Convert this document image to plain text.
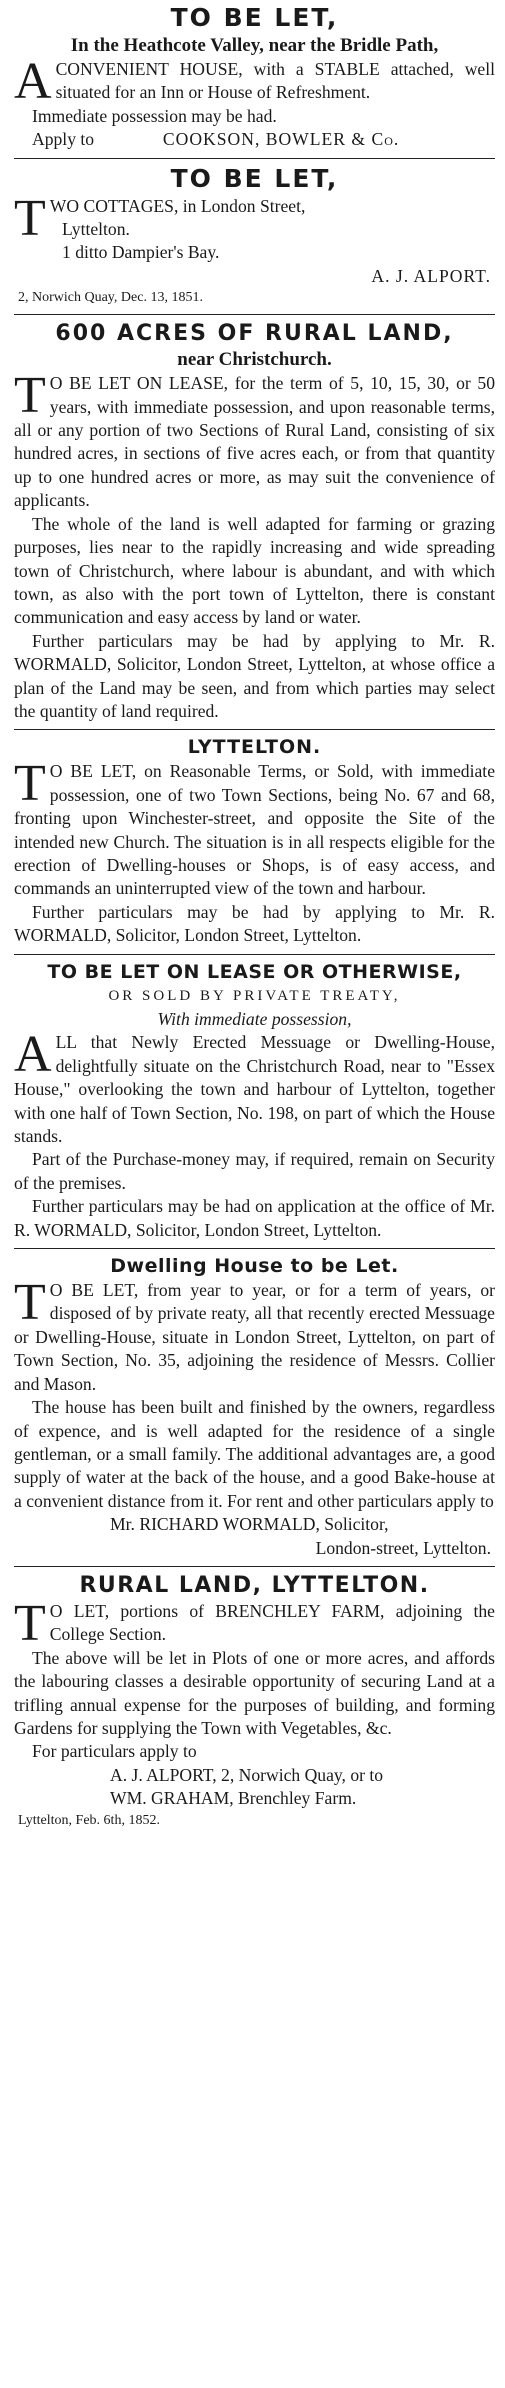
TO BE LET,
In the Heathcote Valley, near the Bridle Path,
ACONVENIENT HOUSE, with a STABLE attached, well situated for an Inn or House of Refreshment.
Immediate possession may be had.
Apply to	COOKSON, BOWLER & Co.
TO BE LET,
TWO COTTAGES, in London Street,
Lyttelton.
1 ditto Dampier's Bay.
A. J. ALPORT.
2, Norwich Quay, Dec. 13, 1851.
600 ACRES OF RURAL LAND,
near Christchurch.
T O BE LET ON LEASE, for the term of 5, 10, 15, 30, or 50 years, with immediate possession, and upon reasonable terms, all or any portion of two Sections of Rural Land, consisting of six hundred acres, in sections of five acres each, or from that quantity up to one hundred acres or more, as may suit the convenience of applicants.
The whole of the land is well adapted for farming or grazing purposes, lies near to the rapidly increasing and wide spreading town of Christchurch, where labour is abundant, and with which town, as also with the port town of Lyttelton, there is constant communication and easy access by land or water.
Further particulars may be had by applying to Mr. R. WORMALD, Solicitor, London Street, Lyttelton, at whose office a plan of the Land may be seen, and from which parties may select the quantity of land required.
LYTTELTON.
T O BE LET, on Reasonable Terms, or Sold, with immediate possession, one of two Town Sections, being No. 67 and 68, fronting upon Winchester-street, and opposite the Site of the intended new Church. The situation is in all respects eligible for the erection of Dwelling-houses or Shops, is of easy access, and commands an uninterrupted view of the town and harbour.
Further particulars may be had by applying to Mr. R. WORMALD, Solicitor, London Street, Lyttelton.
TO BE LET ON LEASE OR OTHERWISE,
OR SOLD BY PRIVATE TREATY,
With immediate possession,
ALL that Newly Erected Messuage or Dwelling-House, delightfully situate on the Christchurch Road, near to "Essex House," overlooking the town and harbour of Lyttelton, together with one half of Town Section, No. 198, on part of which the House stands.
Part of the Purchase-money may, if required, remain on Security of the premises.
Further particulars may be had on application at the office of Mr. R. WORMALD, Solicitor, London Street, Lyttelton.
Dwelling House to be Let.
T O BE LET, from year to year, or for a term of years, or disposed of by private reaty, all that recently erected Messuage or Dwelling-House, situate in London Street, Lyttelton, on part of Town Section, No. 35, adjoining the residence of Messrs. Collier and Mason.
The house has been built and finished by the owners, regardless of expence, and is well adapted for the residence of a single gentleman, or a small family. The additional advantages are, a good supply of water at the back of the house, and a good Bake-house at a convenient distance from it. For rent and other particulars apply to
Mr. RICHARD WORMALD, Solicitor,
London-street, Lyttelton.
RURAL LAND, LYTTELTON.
T O LET, portions of BRENCHLEY FARM, adjoining the College Section.
The above will be let in Plots of one or more acres, and affords the labouring classes a desirable opportunity of securing Land at a trifling annual expense for the purposes of building, and forming Gardens for supplying the Town with Vegetables, &c.
For particulars apply to
A. J. ALPORT, 2, Norwich Quay, or to
WM. GRAHAM, Brenchley Farm.
Lyttelton, Feb. 6th, 1852.
